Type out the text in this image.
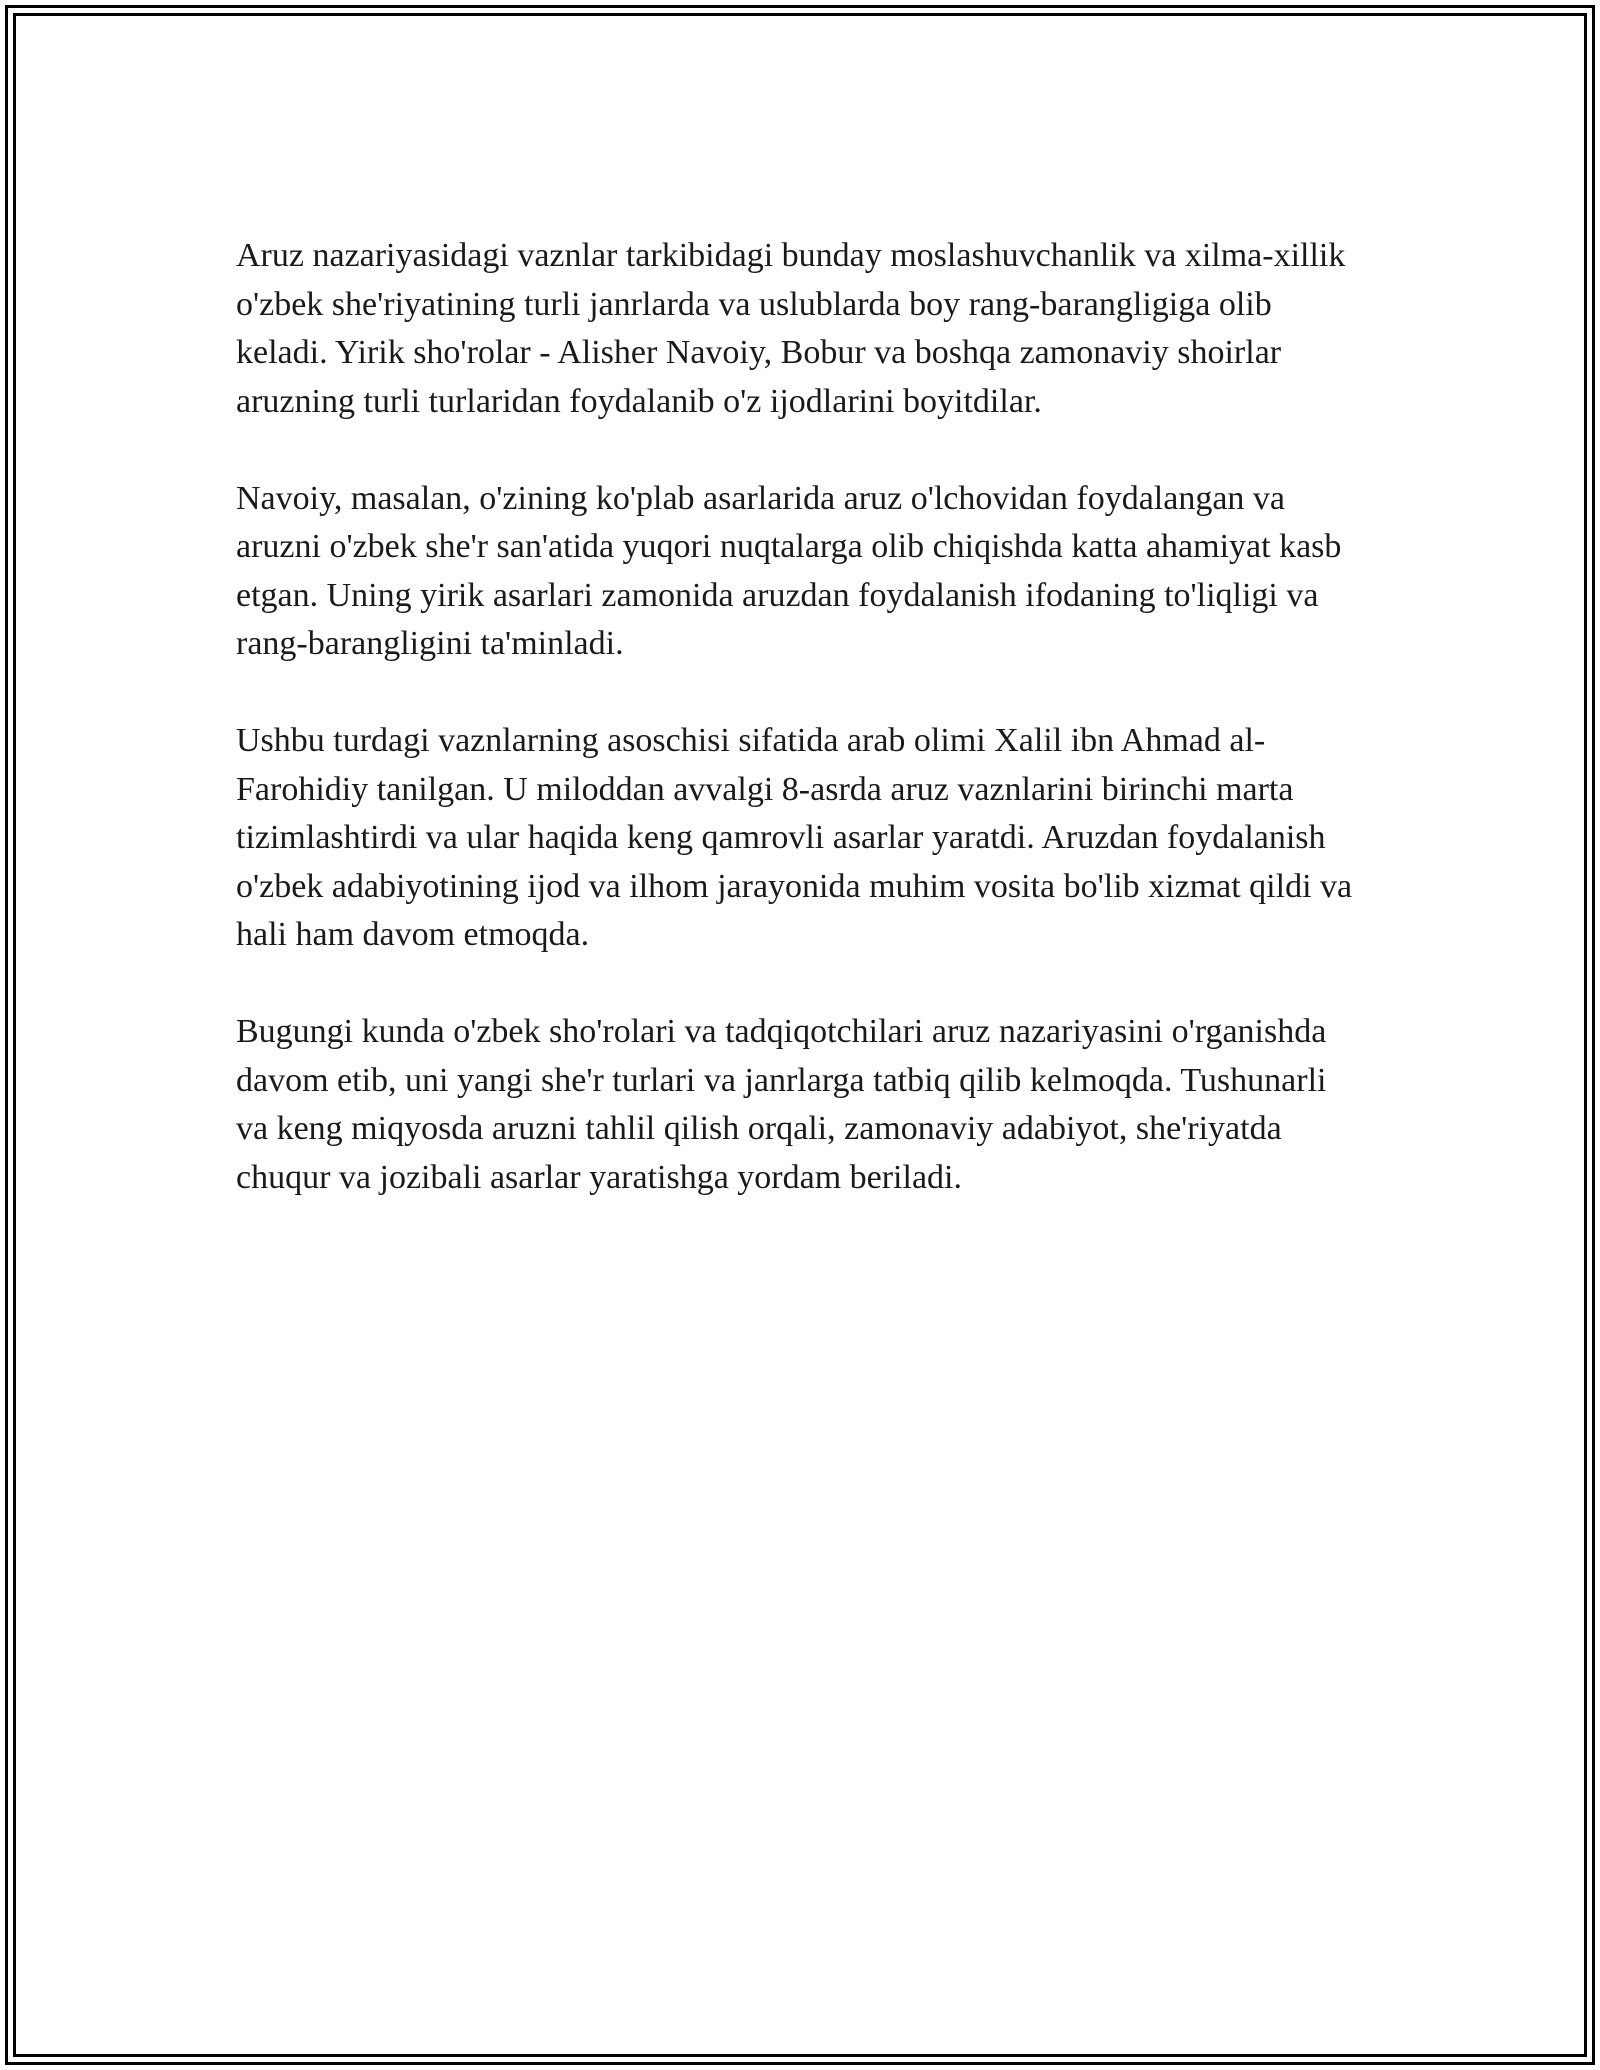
Aruz nazariyasidagi vaznlar tarkibidagi bunday moslashuvchanlik va xilma-xillik o'zbek she'riyatining turli janrlarda va uslublarda boy rang-barangligiga olib keladi. Yirik sho'rolar - Alisher Navoiy, Bobur va boshqa zamonaviy shoirlar aruzning turli turlaridan foydalanib o'z ijodlarini boyitdilar.

Navoiy, masalan, o'zining ko'plab asarlarida aruz o'lchovidan foydalangan va aruzni o'zbek she'r san'atida yuqori nuqtalarga olib chiqishda katta ahamiyat kasb etgan. Uning yirik asarlari zamonida aruzdan foydalanish ifodaning to'liqligi va rang-barangligini ta'minladi.

Ushbu turdagi vaznlarning asoschisi sifatida arab olimi Xalil ibn Ahmad al-Farohidiy tanilgan. U miloddan avvalgi 8-asrda aruz vaznlarini birinchi marta tizimlashtirdi va ular haqida keng qamrovli asarlar yaratdi. Aruzdan foydalanish o'zbek adabiyotining ijod va ilhom jarayonida muhim vosita bo'lib xizmat qildi va hali ham davom etmoqda.

Bugungi kunda o'zbek sho'rolari va tadqiqotchilari aruz nazariyasini o'rganishda davom etib, uni yangi she'r turlari va janrlarga tatbiq qilib kelmoqda. Tushunarli va keng miqyosda aruzni tahlil qilish orqali, zamonaviy adabiyot, she'riyatda chuqur va jozibali asarlar yaratishga yordam beriladi.
